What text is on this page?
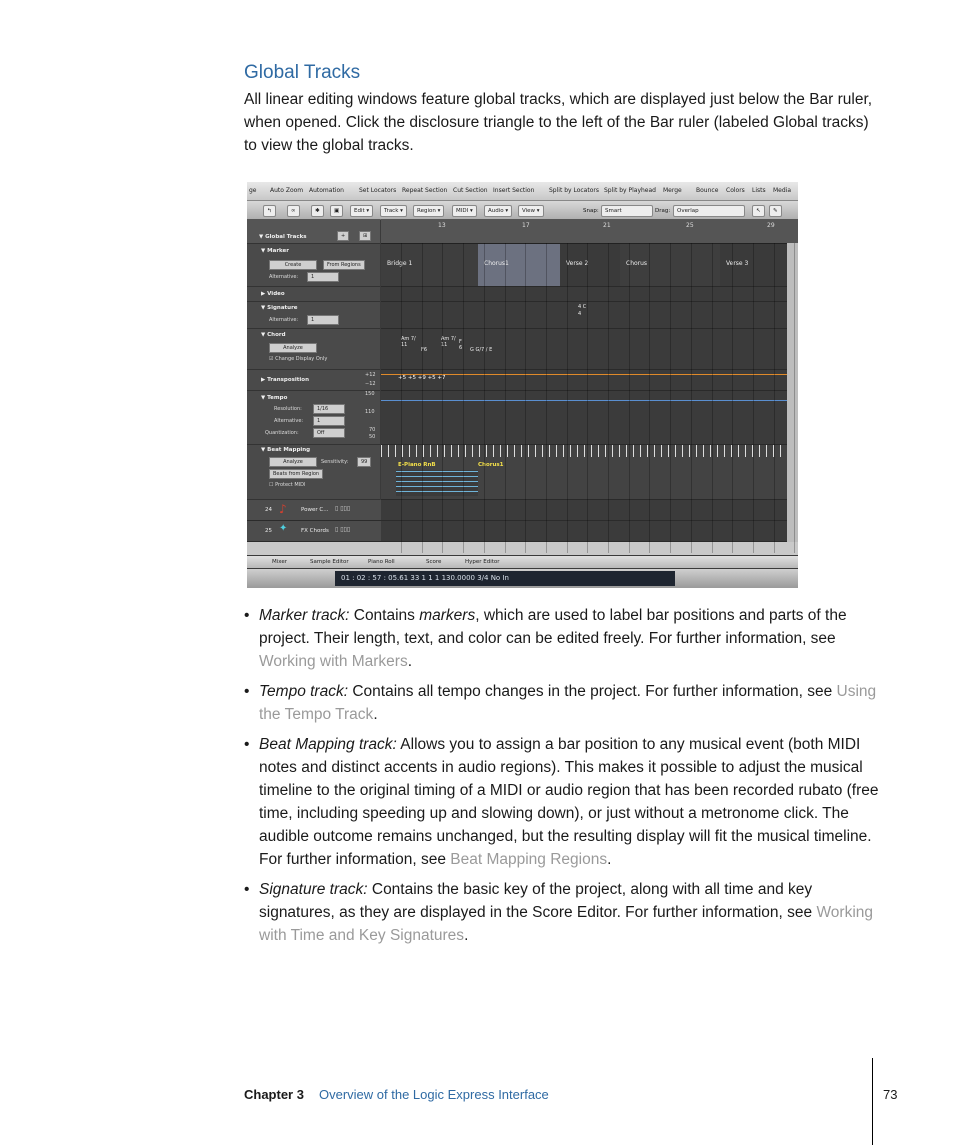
Global Tracks
All linear editing windows feature global tracks, which are displayed just below the Bar ruler, when opened. Click the disclosure triangle to the left of the Bar ruler (labeled Global tracks) to view the global tracks.
ge Auto Zoom Automation	Set Locators Repeat Section Cut Section Insert Section Split by Locators Split by Playhead Merge Bounce Colors Lists Media
↰	∞	✱	▣	Edit ▾	Track ▾	Region ▾	MIDI ▾	Audio ▾	View ▾	Snap:	Smart	Drag:	Overlap	↖	✎
13	17	21	25	29
▼ Global Tracks	+	⊞
▼ Marker
Create	From Regions
Alternative:	1
Bridge 1	Chorus1	Verse 2	Chorus	Verse 3
▶ Video
▼ Signature
Alternative:	1
4 C
4
▼ Chord
Analyze
☑ Change Display Only
Am 7/ 11
F6
Am 7/ 11	F 6	G G/7 / E
▶ Transposition
+12
−12
+5 +5 +9 +5 +7
▼ Tempo
150
Resolution:	1/16	110
Alternative:	1
Quantization:	Off	70
50
▼ Beat Mapping
Analyze	Sensitivity:	99
Beats from Region
☐ Protect MIDI
E-Piano RnB	Chorus1
24 ♪	Power C... ▯ ▯▯▯
25 ✦ FX Chords ▯ ▯▯▯
Mixer	Sample Editor	Piano Roll	Score	Hyper Editor
01 : 02 : 57 : 05.61 33 1 1 1 130.0000 3/4 No In
• Marker track: Contains markers, which are used to label bar positions and parts of the project. Their length, text, and color can be edited freely. For further information, see Working with Markers.
• Tempo track: Contains all tempo changes in the project. For further information, see Using the Tempo Track.
• Beat Mapping track: Allows you to assign a bar position to any musical event (both MIDI notes and distinct accents in audio regions). This makes it possible to adjust the musical timeline to the original timing of a MIDI or audio region that has been recorded rubato (free time, including speeding up and slowing down), or just without a metronome click. The audible outcome remains unchanged, but the resulting display will fit the musical timeline. For further information, see Beat Mapping Regions.
• Signature track: Contains the basic key of the project, along with all time and key signatures, as they are displayed in the Score Editor. For further information, see Working with Time and Key Signatures.
Chapter 3 Overview of the Logic Express Interface	73
